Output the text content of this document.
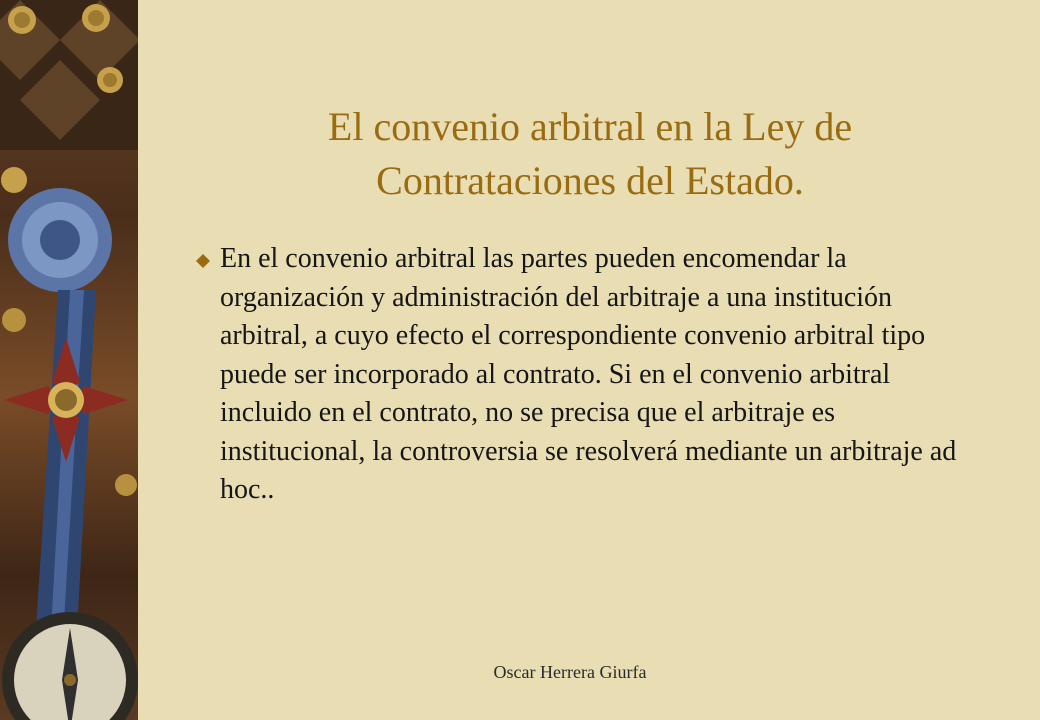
El convenio arbitral en la Ley de
Contrataciones del Estado.

En el convenio arbitral las partes pueden encomendar la organización y administración del arbitraje a una institución arbitral, a cuyo efecto el correspondiente convenio arbitral tipo puede ser incorporado al contrato. Si en el convenio arbitral incluido en el contrato, no se precisa que el arbitraje es institucional, la controversia se resolverá mediante un arbitraje ad hoc..

Oscar Herrera Giurfa
